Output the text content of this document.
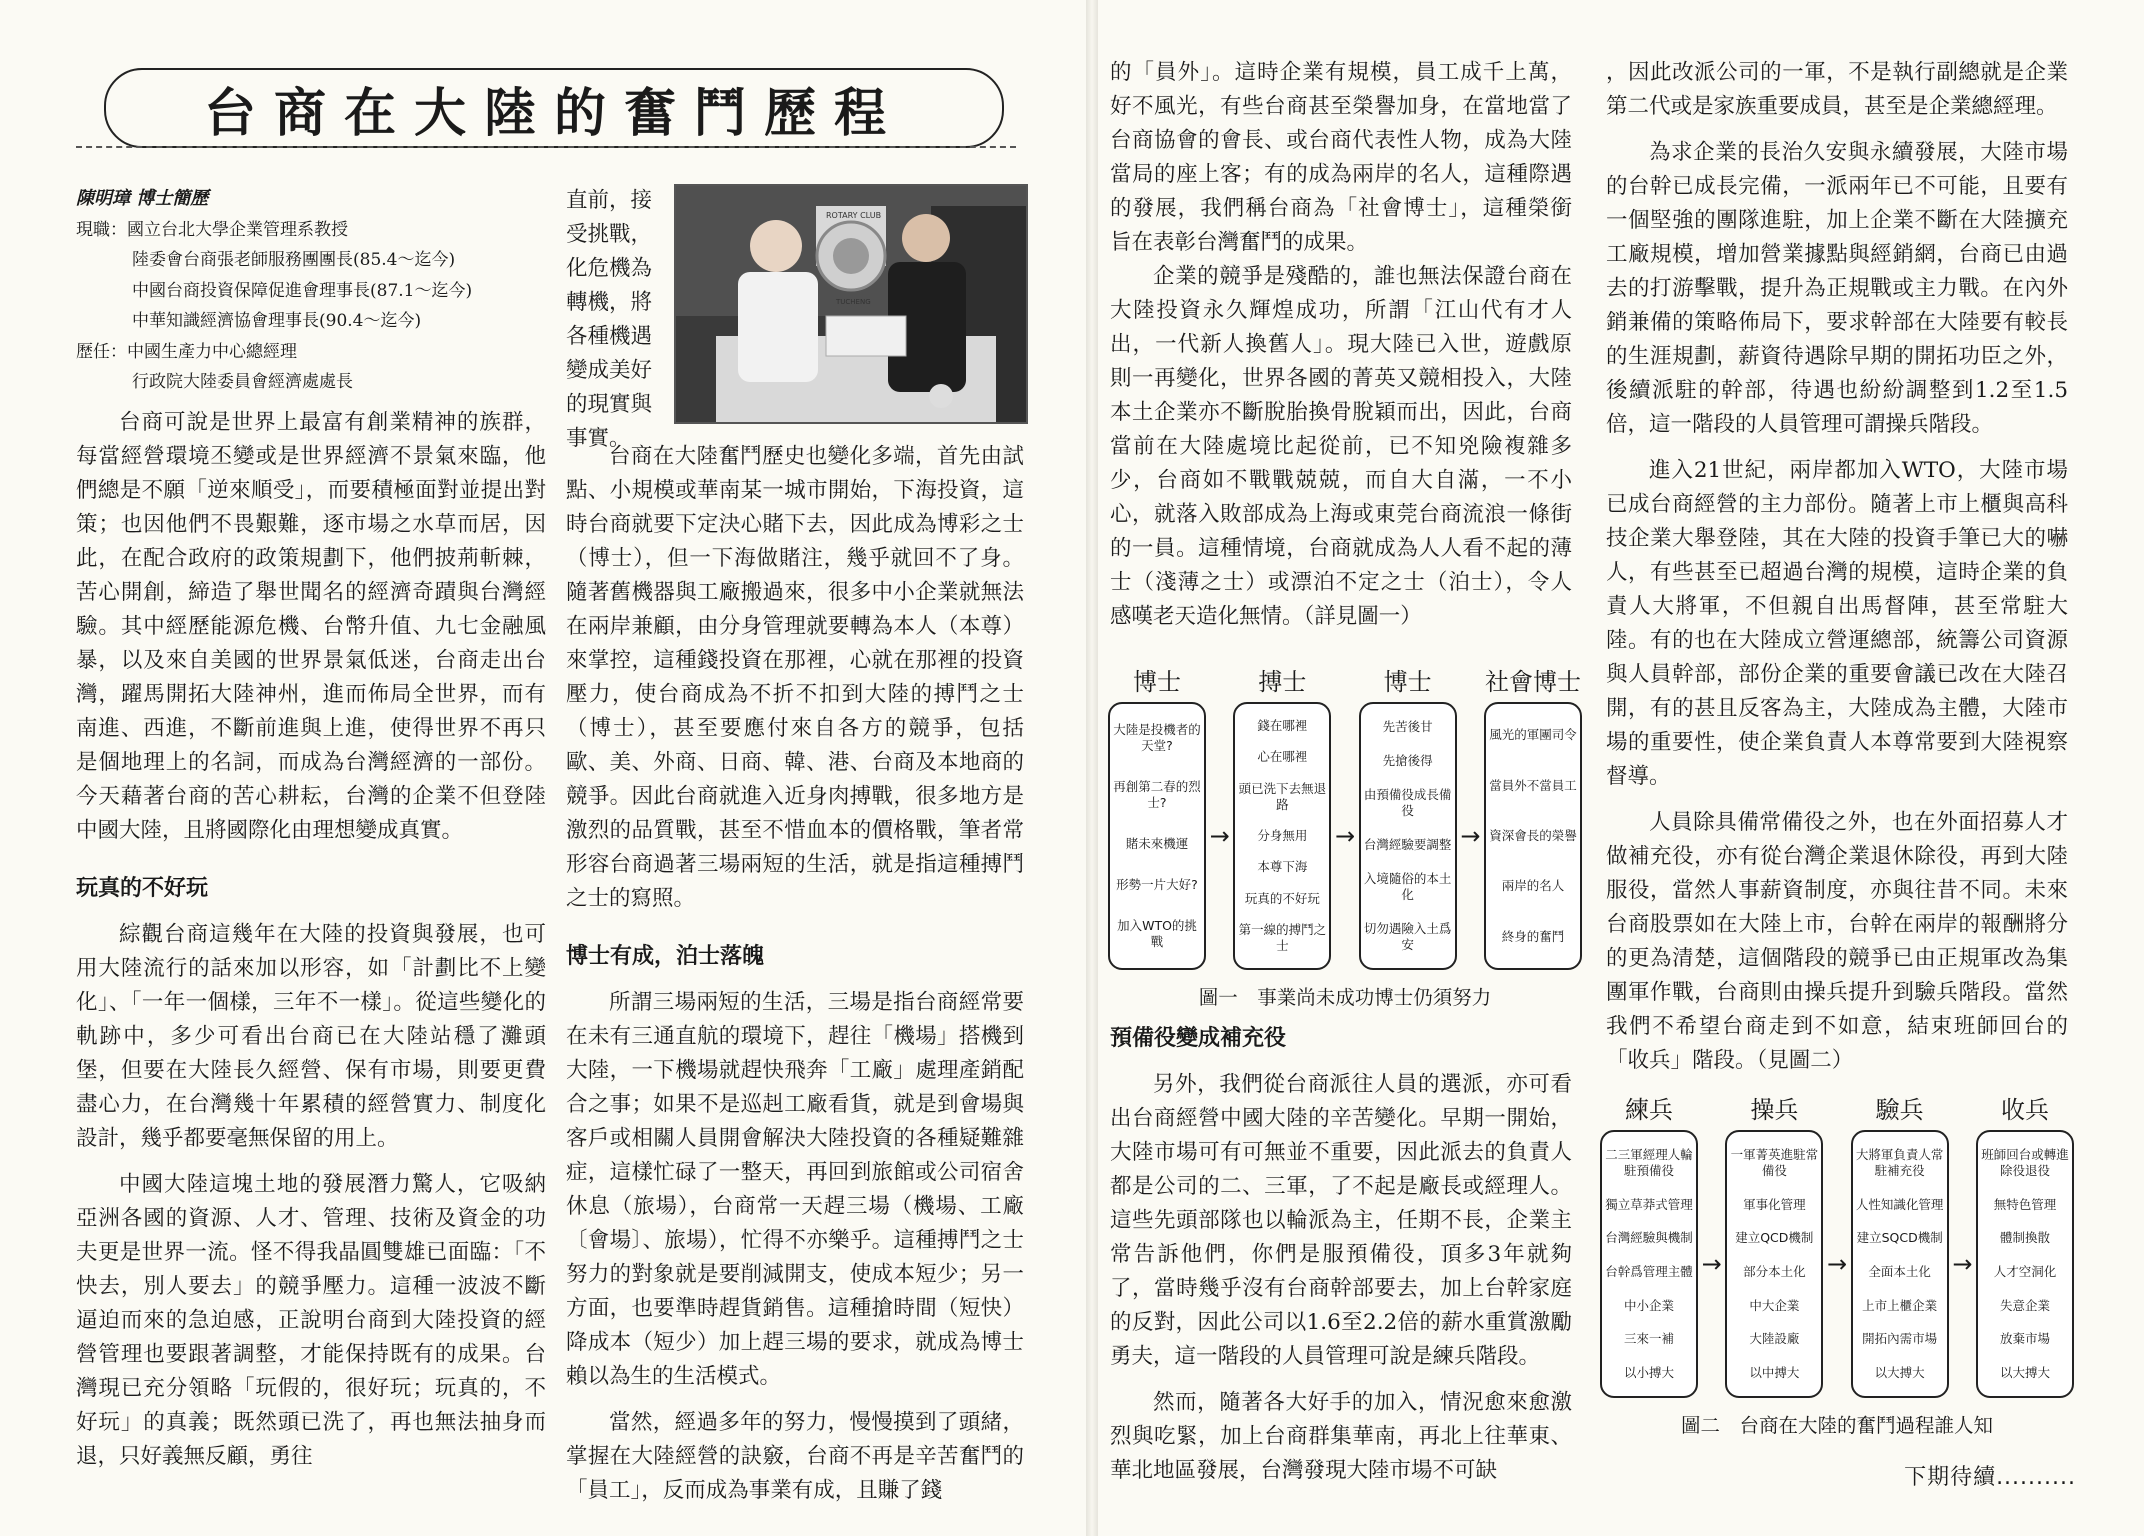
台商在大陸的奮鬥歷程
陳明璋 博士簡歷
現職：國立台北大學企業管理系教授
陸委會台商張老師服務團團長(85.4～迄今)
中國台商投資保障促進會理事長(87.1～迄今)
中華知識經濟協會理事長(90.4～迄今)
歷任：中國生產力中心總經理
行政院大陸委員會經濟處處長
ROTARY CLUB
TUCHENG
直前，接受挑戰，化危機為轉機，將各種機遇變成美好的現實與事實。

台商可說是世界上最富有創業精神的族群，每當經營環境丕變或是世界經濟不景氣來臨，他們總是不願「逆來順受」，而要積極面對並提出對策；也因他們不畏艱難，逐市場之水草而居，因此，在配合政府的政策規劃下，他們披荊斬棘，苦心開創，締造了舉世聞名的經濟奇蹟與台灣經驗。其中經歷能源危機、台幣升值、九七金融風暴，以及來自美國的世界景氣低迷，台商走出台灣，躍馬開拓大陸神州，進而佈局全世界，而有南進、西進，不斷前進與上進，使得世界不再只是個地理上的名詞，而成為台灣經濟的一部份。今天藉著台商的苦心耕耘，台灣的企業不但登陸中國大陸，且將國際化由理想變成真實。

玩真的不好玩

綜觀台商這幾年在大陸的投資與發展，也可用大陸流行的話來加以形容，如「計劃比不上變化」、「一年一個樣，三年不一樣」。從這些變化的軌跡中，多少可看出台商已在大陸站穩了灘頭堡，但要在大陸長久經營、保有市場，則要更費盡心力，在台灣幾十年累積的經營實力、制度化設計，幾乎都要毫無保留的用上。

中國大陸這塊土地的發展潛力驚人，它吸納亞洲各國的資源、人才、管理、技術及資金的功夫更是世界一流。怪不得我晶圓雙雄已面臨：「不快去，別人要去」的競爭壓力。這種一波波不斷逼迫而來的急迫感，正說明台商到大陸投資的經營管理也要跟著調整，才能保持既有的成果。台灣現已充分領略「玩假的，很好玩；玩真的，不好玩」的真義；既然頭已洗了，再也無法抽身而退，只好義無反顧，勇往

台商在大陸奮鬥歷史也變化多端，首先由試點、小規模或華南某一城市開始，下海投資，這時台商就要下定決心賭下去，因此成為博彩之士（博士），但一下海做賭注，幾乎就回不了身。隨著舊機器與工廠搬過來，很多中小企業就無法在兩岸兼顧，由分身管理就要轉為本人（本尊）來掌控，這種錢投資在那裡，心就在那裡的投資壓力，使台商成為不折不扣到大陸的搏鬥之士（博士），甚至要應付來自各方的競爭，包括歐、美、外商、日商、韓、港、台商及本地商的競爭。因此台商就進入近身肉搏戰，很多地方是激烈的品質戰，甚至不惜血本的價格戰，筆者常形容台商過著三場兩短的生活，就是指這種搏鬥之士的寫照。

博士有成，泊士落魄

所謂三場兩短的生活，三場是指台商經常要在未有三通直航的環境下，趕往「機場」搭機到大陸，一下機場就趕快飛奔「工廠」處理產銷配合之事；如果不是巡赳工廠看貨，就是到會場與客戶或相關人員開會解決大陸投資的各種疑難雜症，這樣忙碌了一整天，再回到旅館或公司宿舍休息（旅場），台商常一天趕三場（機場、工廠〔會場〕、旅場），忙得不亦樂乎。這種搏鬥之士努力的對象就是要削減開支，使成本短少；另一方面，也要準時趕貨銷售。這種搶時間（短快）降成本（短少）加上趕三場的要求，就成為博士賴以為生的生活模式。

當然，經過多年的努力，慢慢摸到了頭緒，掌握在大陸經營的訣竅，台商不再是辛苦奮鬥的「員工」，反而成為事業有成，且賺了錢

的「員外」。這時企業有規模，員工成千上萬，好不風光，有些台商甚至榮譽加身，在當地當了台商協會的會長、或台商代表性人物，成為大陸當局的座上客；有的成為兩岸的名人，這種際遇的發展，我們稱台商為「社會博士」，這種榮銜旨在表彰台灣奮鬥的成果。

企業的競爭是殘酷的，誰也無法保證台商在大陸投資永久輝煌成功，所謂「江山代有才人出，一代新人換舊人」。現大陸已入世，遊戲原則一再變化，世界各國的菁英又競相投入，大陸本土企業亦不斷脫胎換骨脫穎而出，因此，台商當前在大陸處境比起從前，已不知兇險複雜多少，台商如不戰戰兢兢，而自大自滿，一不小心，就落入敗部成為上海或東莞台商流浪一條街的一員。這種情境，台商就成為人人看不起的薄士（淺薄之士）或漂泊不定之士（泊士），令人感嘆老天造化無情。（詳見圖一）

博士
大陸是投機者的天堂?
再創第二春的烈士?
賭未來機運
形勢一片大好?
加入WTO的挑戰
→
搏士
錢在哪裡
心在哪裡
頭已洗下去無退路
分身無用
本尊下海
玩真的不好玩
第一線的搏鬥之士
→
博士
先苦後甘
先搶後得
由預備役成長備役
台灣經驗要調整
入境隨俗的本土化
切勿遇險入土爲安
→
社會博士
風光的軍團司令
當員外不當員工
資深會長的榮譽
兩岸的名人
終身的奮鬥
圖一　事業尚未成功博士仍須努力
預備役變成補充役

另外，我們從台商派往人員的選派，亦可看出台商經營中國大陸的辛苦變化。早期一開始，大陸市場可有可無並不重要，因此派去的負責人都是公司的二、三軍，了不起是廠長或經理人。這些先頭部隊也以輪派為主，任期不長，企業主常告訴他們，你們是服預備役，頂多3年就夠了，當時幾乎沒有台商幹部要去，加上台幹家庭的反對，因此公司以1.6至2.2倍的薪水重賞激勵勇夫，這一階段的人員管理可說是練兵階段。

然而，隨著各大好手的加入，情況愈來愈激烈與吃緊，加上台商群集華南，再北上往華東、華北地區發展，台灣發現大陸市場不可缺

，因此改派公司的一軍，不是執行副總就是企業第二代或是家族重要成員，甚至是企業總經理。

為求企業的長治久安與永續發展，大陸市場的台幹已成長完備，一派兩年已不可能，且要有一個堅強的團隊進駐，加上企業不斷在大陸擴充工廠規模，增加營業據點與經銷網，台商已由過去的打游擊戰，提升為正規戰或主力戰。在內外銷兼備的策略佈局下，要求幹部在大陸要有較長的生涯規劃，薪資待遇除早期的開拓功臣之外，後續派駐的幹部，待遇也紛紛調整到1.2至1.5倍，這一階段的人員管理可謂操兵階段。

進入21世紀，兩岸都加入WTO，大陸市場已成台商經營的主力部份。隨著上市上櫃與高科技企業大舉登陸，其在大陸的投資手筆已大的嚇人，有些甚至已超過台灣的規模，這時企業的負責人大將軍，不但親自出馬督陣，甚至常駐大陸。有的也在大陸成立營運總部，統籌公司資源與人員幹部，部份企業的重要會議已改在大陸召開，有的甚且反客為主，大陸成為主體，大陸市場的重要性，使企業負責人本尊常要到大陸視察督導。

人員除具備常備役之外，也在外面招募人才做補充役，亦有從台灣企業退休除役，再到大陸服役，當然人事薪資制度，亦與往昔不同。未來台商股票如在大陸上市，台幹在兩岸的報酬將分的更為清楚，這個階段的競爭已由正規軍改為集團軍作戰，台商則由操兵提升到驗兵階段。當然我們不希望台商走到不如意，結束班師回台的「收兵」階段。（見圖二）

練兵
二三軍經理人輪駐預備役
獨立草莽式管理
台灣經驗與機制
台幹爲管理主體
中小企業
三來一補
以小搏大
→
操兵
一軍菁英進駐常備役
軍事化管理
建立QCD機制
部分本土化
中大企業
大陸設廠
以中搏大
→
驗兵
大將軍負責人常駐補充役
人性知識化管理
建立SQCD機制
全面本土化
上市上櫃企業
開拓內需市場
以大搏大
→
收兵
班師回台或轉進除役退役
無特色管理
體制換散
人才空洞化
失意企業
放棄市場
以大搏大
圖二　台商在大陸的奮鬥過程誰人知
下期待續..........
